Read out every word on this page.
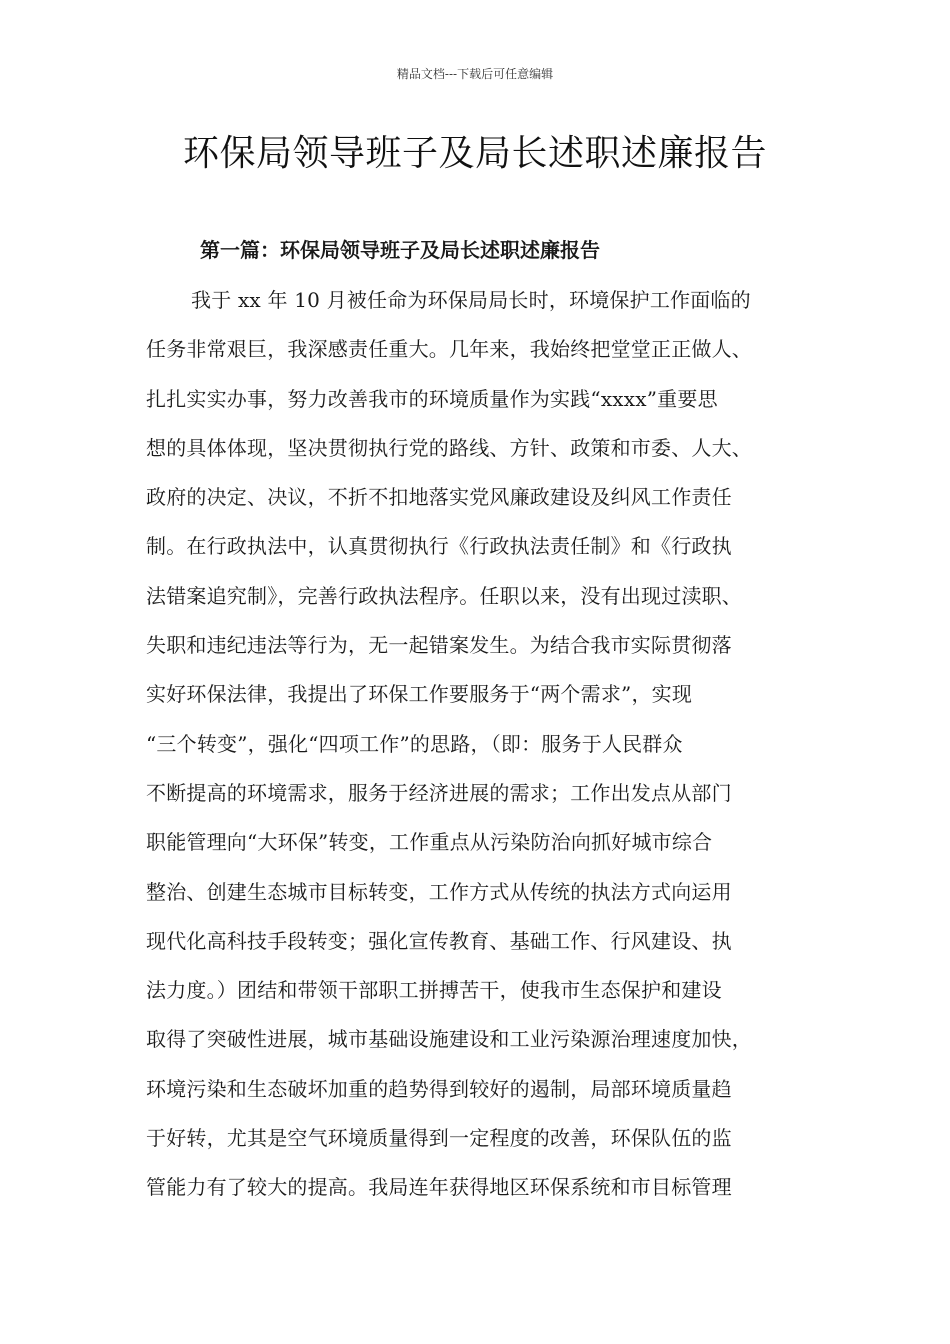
精品文档---下载后可任意编辑
环保局领导班子及局长述职述廉报告
第一篇：环保局领导班子及局长述职述廉报告
我于 xx 年 10 月被任命为环保局局长时，环境保护工作面临的
任务非常艰巨，我深感责任重大。几年来，我始终把堂堂正正做人、
扎扎实实办事，努力改善我市的环境质量作为实践“xxxx”重要思
想的具体体现，坚决贯彻执行党的路线、方针、政策和市委、人大、
政府的决定、决议，不折不扣地落实党风廉政建设及纠风工作责任
制。在行政执法中，认真贯彻执行《行政执法责任制》和《行政执
法错案追究制》，完善行政执法程序。任职以来，没有出现过渎职、
失职和违纪违法等行为，无一起错案发生。为结合我市实际贯彻落
实好环保法律，我提出了环保工作要服务于“两个需求”，实现
“三个转变”，强化“四项工作”的思路，（即：服务于人民群众
不断提高的环境需求，服务于经济进展的需求；工作出发点从部门
职能管理向“大环保”转变，工作重点从污染防治向抓好城市综合
整治、创建生态城市目标转变，工作方式从传统的执法方式向运用
现代化高科技手段转变；强化宣传教育、基础工作、行风建设、执
法力度。）团结和带领干部职工拼搏苦干，使我市生态保护和建设
取得了突破性进展，城市基础设施建设和工业污染源治理速度加快，
环境污染和生态破坏加重的趋势得到较好的遏制，局部环境质量趋
于好转，尤其是空气环境质量得到一定程度的改善，环保队伍的监
管能力有了较大的提高。我局连年获得地区环保系统和市目标管理
